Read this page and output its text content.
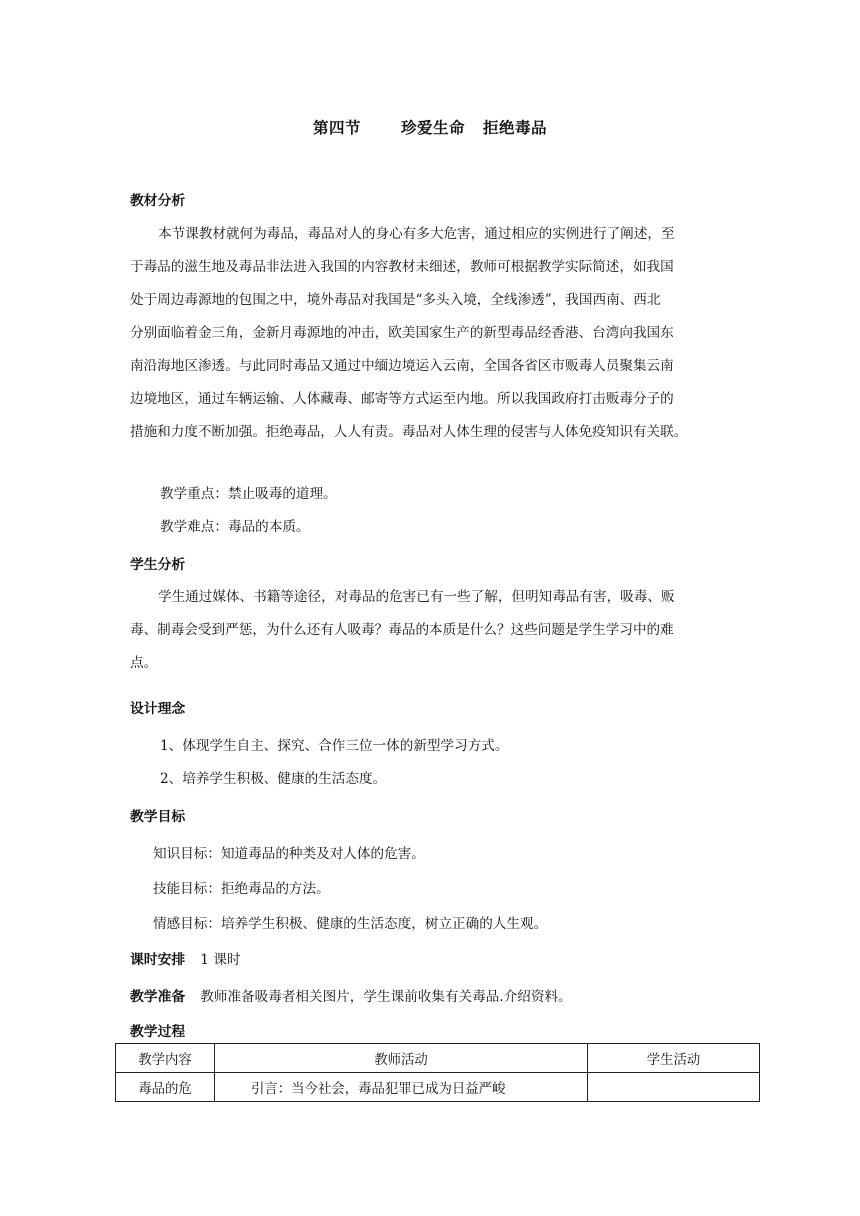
第四节	珍爱生命 拒绝毒品
教材分析
本节课教材就何为毒品，毒品对人的身心有多大危害，通过相应的实例进行了阐述，至
于毒品的滋生地及毒品非法进入我国的内容教材未细述，教师可根据教学实际简述，如我国
处于周边毒源地的包围之中，境外毒品对我国是“多头入境，全线渗透”，我国西南、西北
分别面临着金三角，金新月毒源地的冲击，欧美国家生产的新型毒品经香港、台湾向我国东
南沿海地区渗透。与此同时毒品又通过中缅边境运入云南，全国各省区市贩毒人员聚集云南
边境地区，通过车辆运输、人体藏毒、邮寄等方式运至内地。所以我国政府打击贩毒分子的
措施和力度不断加强。拒绝毒品，人人有责。毒品对人体生理的侵害与人体免疫知识有关联。
教学重点：禁止吸毒的道理。
教学难点：毒品的本质。
学生分析
学生通过媒体、书籍等途径，对毒品的危害已有一些了解，但明知毒品有害，吸毒、贩
毒、制毒会受到严惩，为什么还有人吸毒？毒品的本质是什么？这些问题是学生学习中的难
点。
设计理念
1、体现学生自主、探究、合作三位一体的新型学习方式。
2、培养学生积极、健康的生活态度。
教学目标
知识目标：知道毒品的种类及对人体的危害。
技能目标：拒绝毒品的方法。
情感目标：培养学生积极、健康的生活态度，树立正确的人生观。
课时安排 1 课时
教学准备 教师准备吸毒者相关图片，学生课前收集有关毒品.介绍资料。
教学过程
教学内容	教师活动	学生活动
毒品的危	引言：当今社会，毒品犯罪已成为日益严峻	
